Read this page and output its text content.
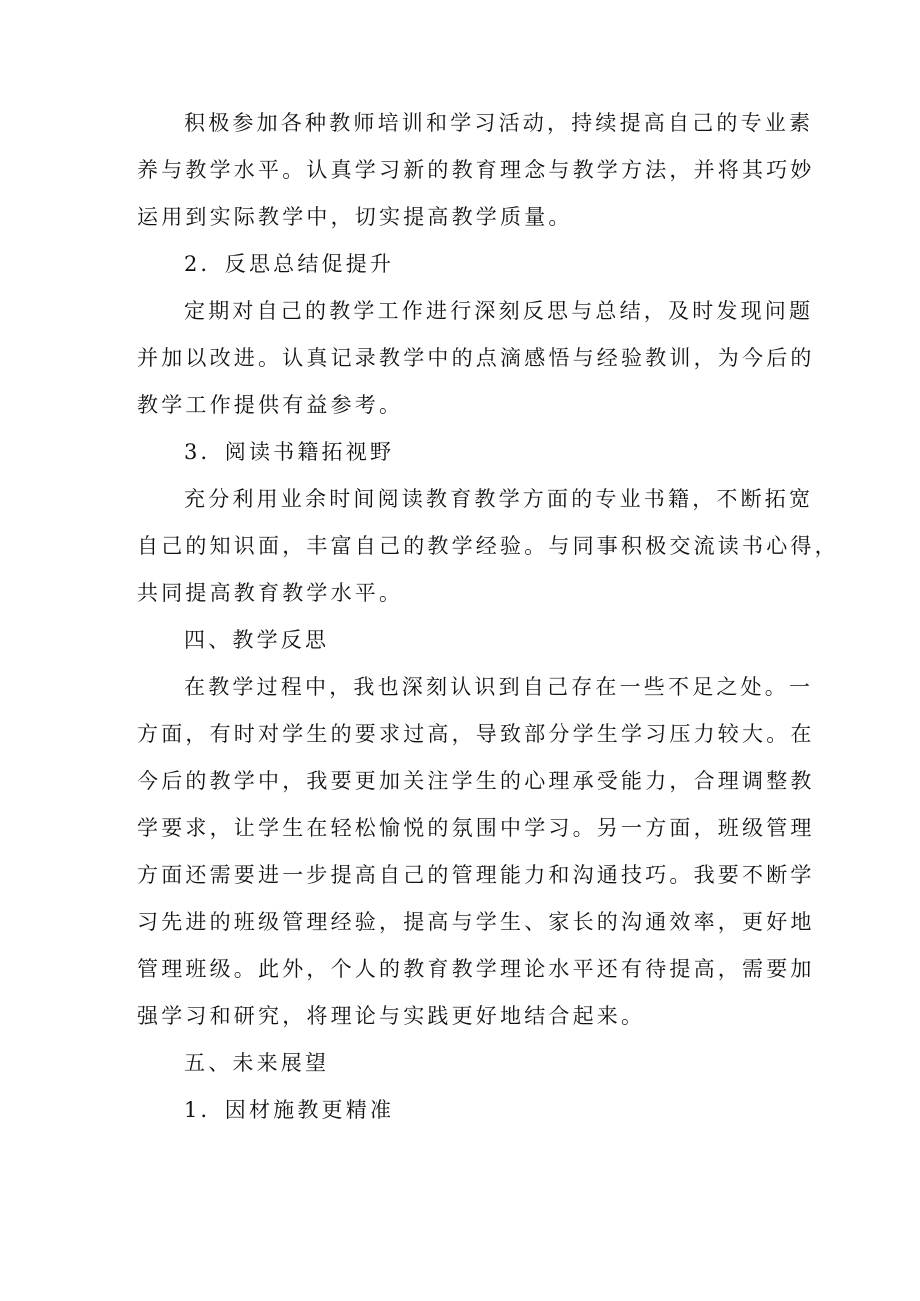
积极参加各种教师培训和学习活动，持续提高自己的专业素
养与教学水平。认真学习新的教育理念与教学方法，并将其巧妙
运用到实际教学中，切实提高教学质量。
2．反思总结促提升
定期对自己的教学工作进行深刻反思与总结，及时发现问题
并加以改进。认真记录教学中的点滴感悟与经验教训，为今后的
教学工作提供有益参考。
3．阅读书籍拓视野
充分利用业余时间阅读教育教学方面的专业书籍，不断拓宽
自己的知识面，丰富自己的教学经验。与同事积极交流读书心得，
共同提高教育教学水平。
四、教学反思
在教学过程中，我也深刻认识到自己存在一些不足之处。一
方面，有时对学生的要求过高，导致部分学生学习压力较大。在
今后的教学中，我要更加关注学生的心理承受能力，合理调整教
学要求，让学生在轻松愉悦的氛围中学习。另一方面，班级管理
方面还需要进一步提高自己的管理能力和沟通技巧。我要不断学
习先进的班级管理经验，提高与学生、家长的沟通效率，更好地
管理班级。此外，个人的教育教学理论水平还有待提高，需要加
强学习和研究，将理论与实践更好地结合起来。
五、未来展望
1．因材施教更精准
